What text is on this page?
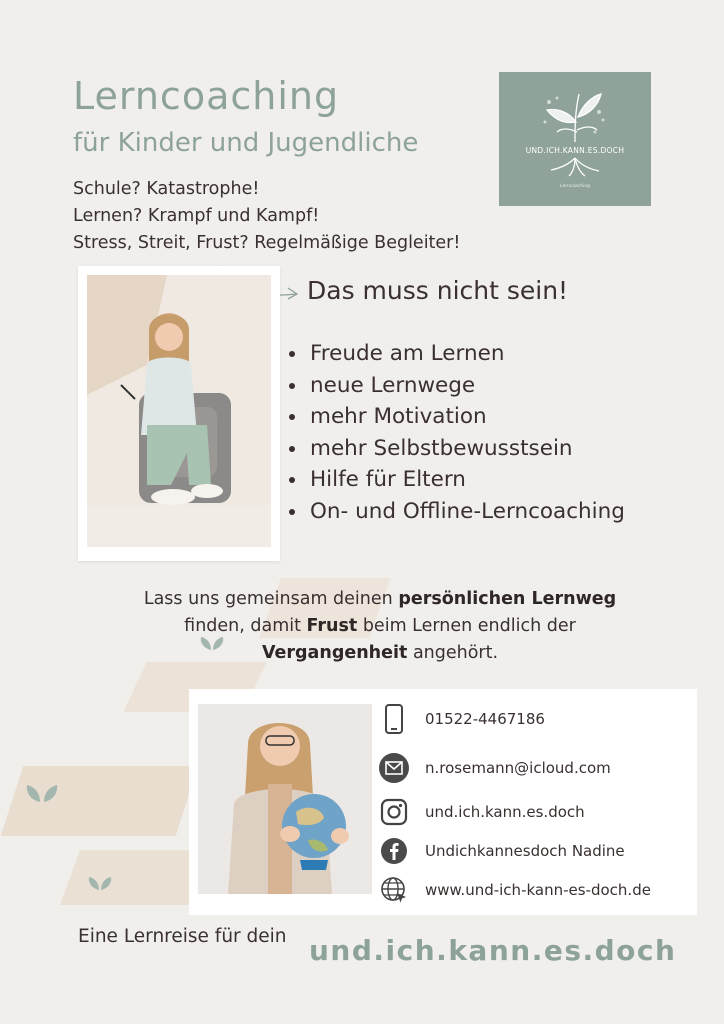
Lerncoaching
für Kinder und Jugendliche
Schule? Katastrophe!
Lernen? Krampf und Kampf!
Stress, Streit, Frust? Regelmäßige Begleiter!
UND.ICH.KANN.ES.DOCH
Lerncoaching
Das muss nicht sein!
• Freude am Lernen
• neue Lernwege
• mehr Motivation
• mehr Selbstbewusstsein
• Hilfe für Eltern
• On- und Offline-Lerncoaching
Lass uns gemeinsam deinen persönlichen Lernweg
finden, damit Frust beim Lernen endlich der
Vergangenheit angehört.
01522-4467186
n.rosemann@icloud.com
und.ich.kann.es.doch
Undichkannesdoch Nadine
www.und-ich-kann-es-doch.de
Eine Lernreise für dein und.ich.kann.es.doch
